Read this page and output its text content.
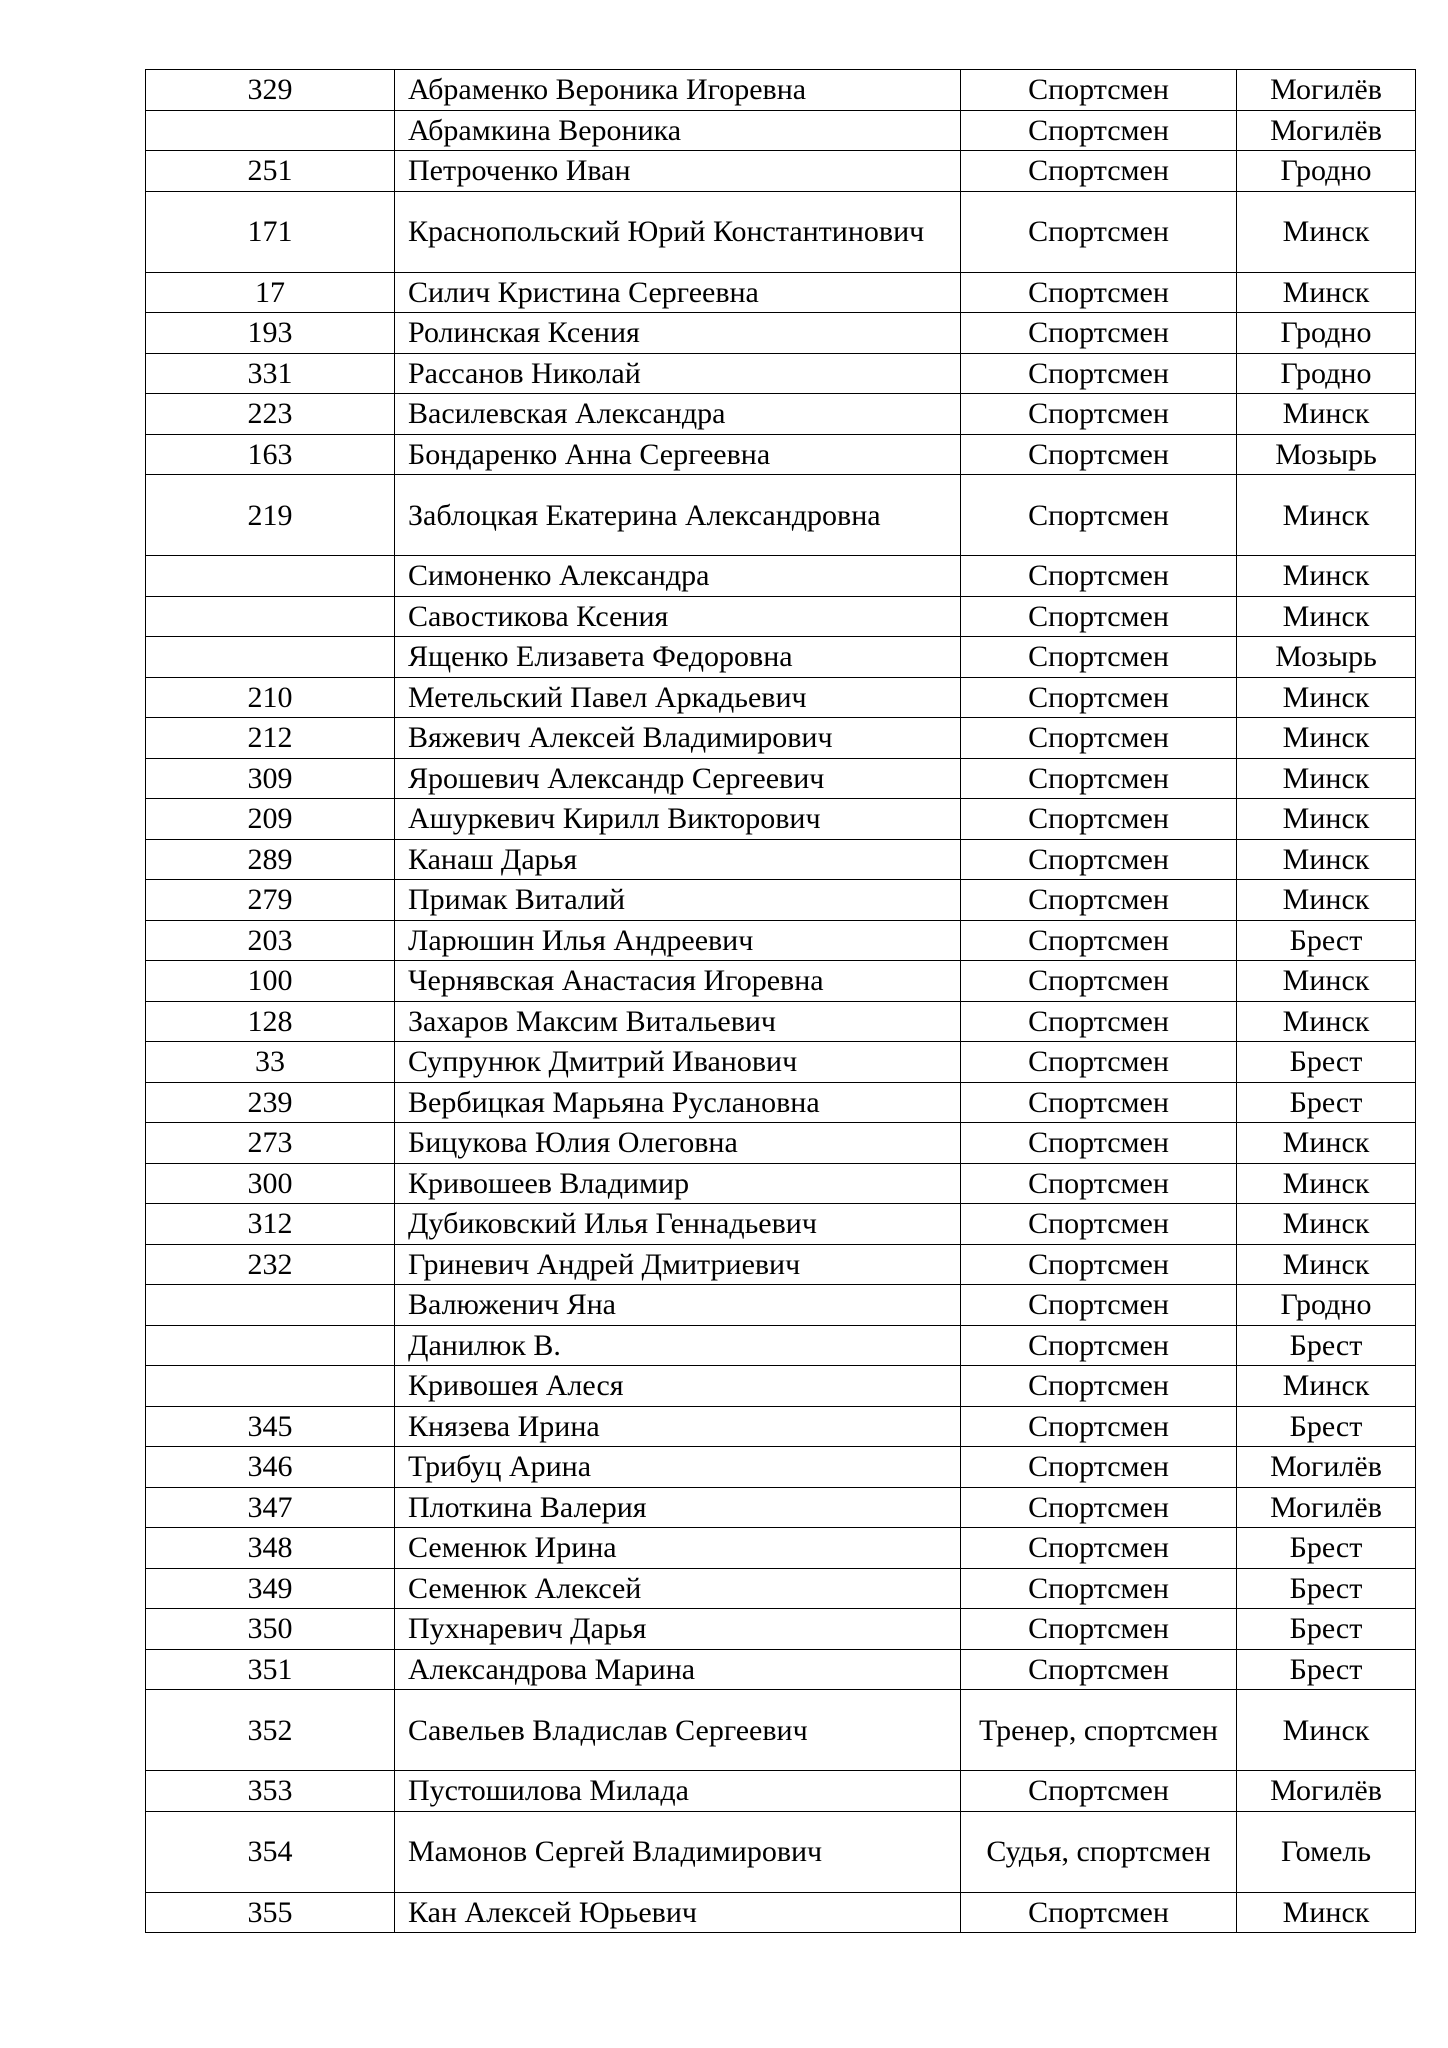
329	Абраменко Вероника Игоревна	Спортсмен	Могилёв
	Абрамкина Вероника	Спортсмен	Могилёв
251	Петроченко Иван	Спортсмен	Гродно
171	Краснопольский Юрий Константинович	Спортсмен	Минск
17	Силич Кристина Сергеевна	Спортсмен	Минск
193	Ролинская Ксения	Спортсмен	Гродно
331	Рассанов Николай	Спортсмен	Гродно
223	Василевская Александра	Спортсмен	Минск
163	Бондаренко Анна Сергеевна	Спортсмен	Мозырь
219	Заблоцкая Екатерина Александровна	Спортсмен	Минск
	Симоненко Александра	Спортсмен	Минск
	Савостикова Ксения	Спортсмен	Минск
	Ященко Елизавета Федоровна	Спортсмен	Мозырь
210	Метельский Павел Аркадьевич	Спортсмен	Минск
212	Вяжевич Алексей Владимирович	Спортсмен	Минск
309	Ярошевич Александр Сергеевич	Спортсмен	Минск
209	Ашуркевич Кирилл Викторович	Спортсмен	Минск
289	Канаш Дарья	Спортсмен	Минск
279	Примак Виталий	Спортсмен	Минск
203	Ларюшин Илья Андреевич	Спортсмен	Брест
100	Чернявская Анастасия Игоревна	Спортсмен	Минск
128	Захаров Максим Витальевич	Спортсмен	Минск
33	Супрунюк Дмитрий Иванович	Спортсмен	Брест
239	Вербицкая Марьяна Руслановна	Спортсмен	Брест
273	Бицукова Юлия Олеговна	Спортсмен	Минск
300	Кривошеев Владимир	Спортсмен	Минск
312	Дубиковский Илья Геннадьевич	Спортсмен	Минск
232	Гриневич Андрей Дмитриевич	Спортсмен	Минск
	Валюженич Яна	Спортсмен	Гродно
	Данилюк В.	Спортсмен	Брест
	Кривошея Алеся	Спортсмен	Минск
345	Князева Ирина	Спортсмен	Брест
346	Трибуц Арина	Спортсмен	Могилёв
347	Плоткина Валерия	Спортсмен	Могилёв
348	Семенюк Ирина	Спортсмен	Брест
349	Семенюк Алексей	Спортсмен	Брест
350	Пухнаревич Дарья	Спортсмен	Брест
351	Александрова Марина	Спортсмен	Брест
352	Савельев Владислав Сергеевич	Тренер, спортсмен	Минск
353	Пустошилова Милада	Спортсмен	Могилёв
354	Мамонов Сергей Владимирович	Судья, спортсмен	Гомель
355	Кан Алексей Юрьевич	Спортсмен	Минск
